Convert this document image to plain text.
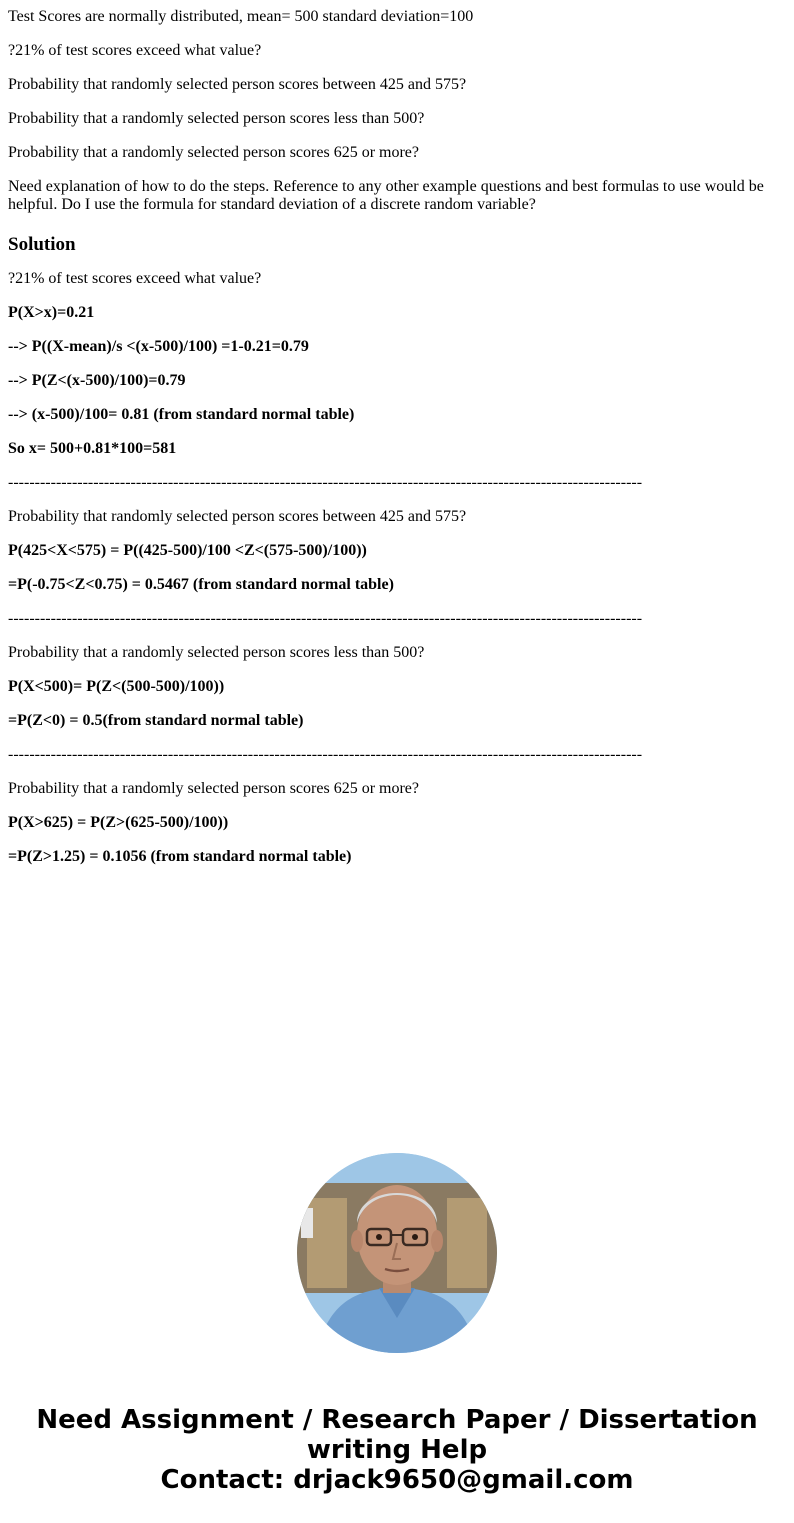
Test Scores are normally distributed, mean= 500 standard deviation=100

?21% of test scores exceed what value?

Probability that randomly selected person scores between 425 and 575?

Probability that a randomly selected person scores less than 500?

Probability that a randomly selected person scores 625 or more?

Need explanation of how to do the steps. Reference to any other example questions and best formulas to use would be helpful. Do I use the formula for standard deviation of a discrete random variable?

Solution

?21% of test scores exceed what value?

P(X>x)=0.21

--> P((X-mean)/s <(x-500)/100) =1-0.21=0.79

--> P(Z<(x-500)/100)=0.79

--> (x-500)/100= 0.81 (from standard normal table)

So x= 500+0.81*100=581

-----------------------------------------------------------------------------------------------------------------------

Probability that randomly selected person scores between 425 and 575?

P(425<X<575) = P((425-500)/100 <Z<(575-500)/100))

=P(-0.75<Z<0.75) = 0.5467 (from standard normal table)

-----------------------------------------------------------------------------------------------------------------------

Probability that a randomly selected person scores less than 500?

P(X<500)= P(Z<(500-500)/100))

=P(Z<0) = 0.5(from standard normal table)

-----------------------------------------------------------------------------------------------------------------------

Probability that a randomly selected person scores 625 or more?

P(X>625) = P(Z>(625-500)/100))

=P(Z>1.25) = 0.1056 (from standard normal table)

Need Assignment / Research Paper / Dissertation
writing Help
Contact: drjack9650@gmail.com
